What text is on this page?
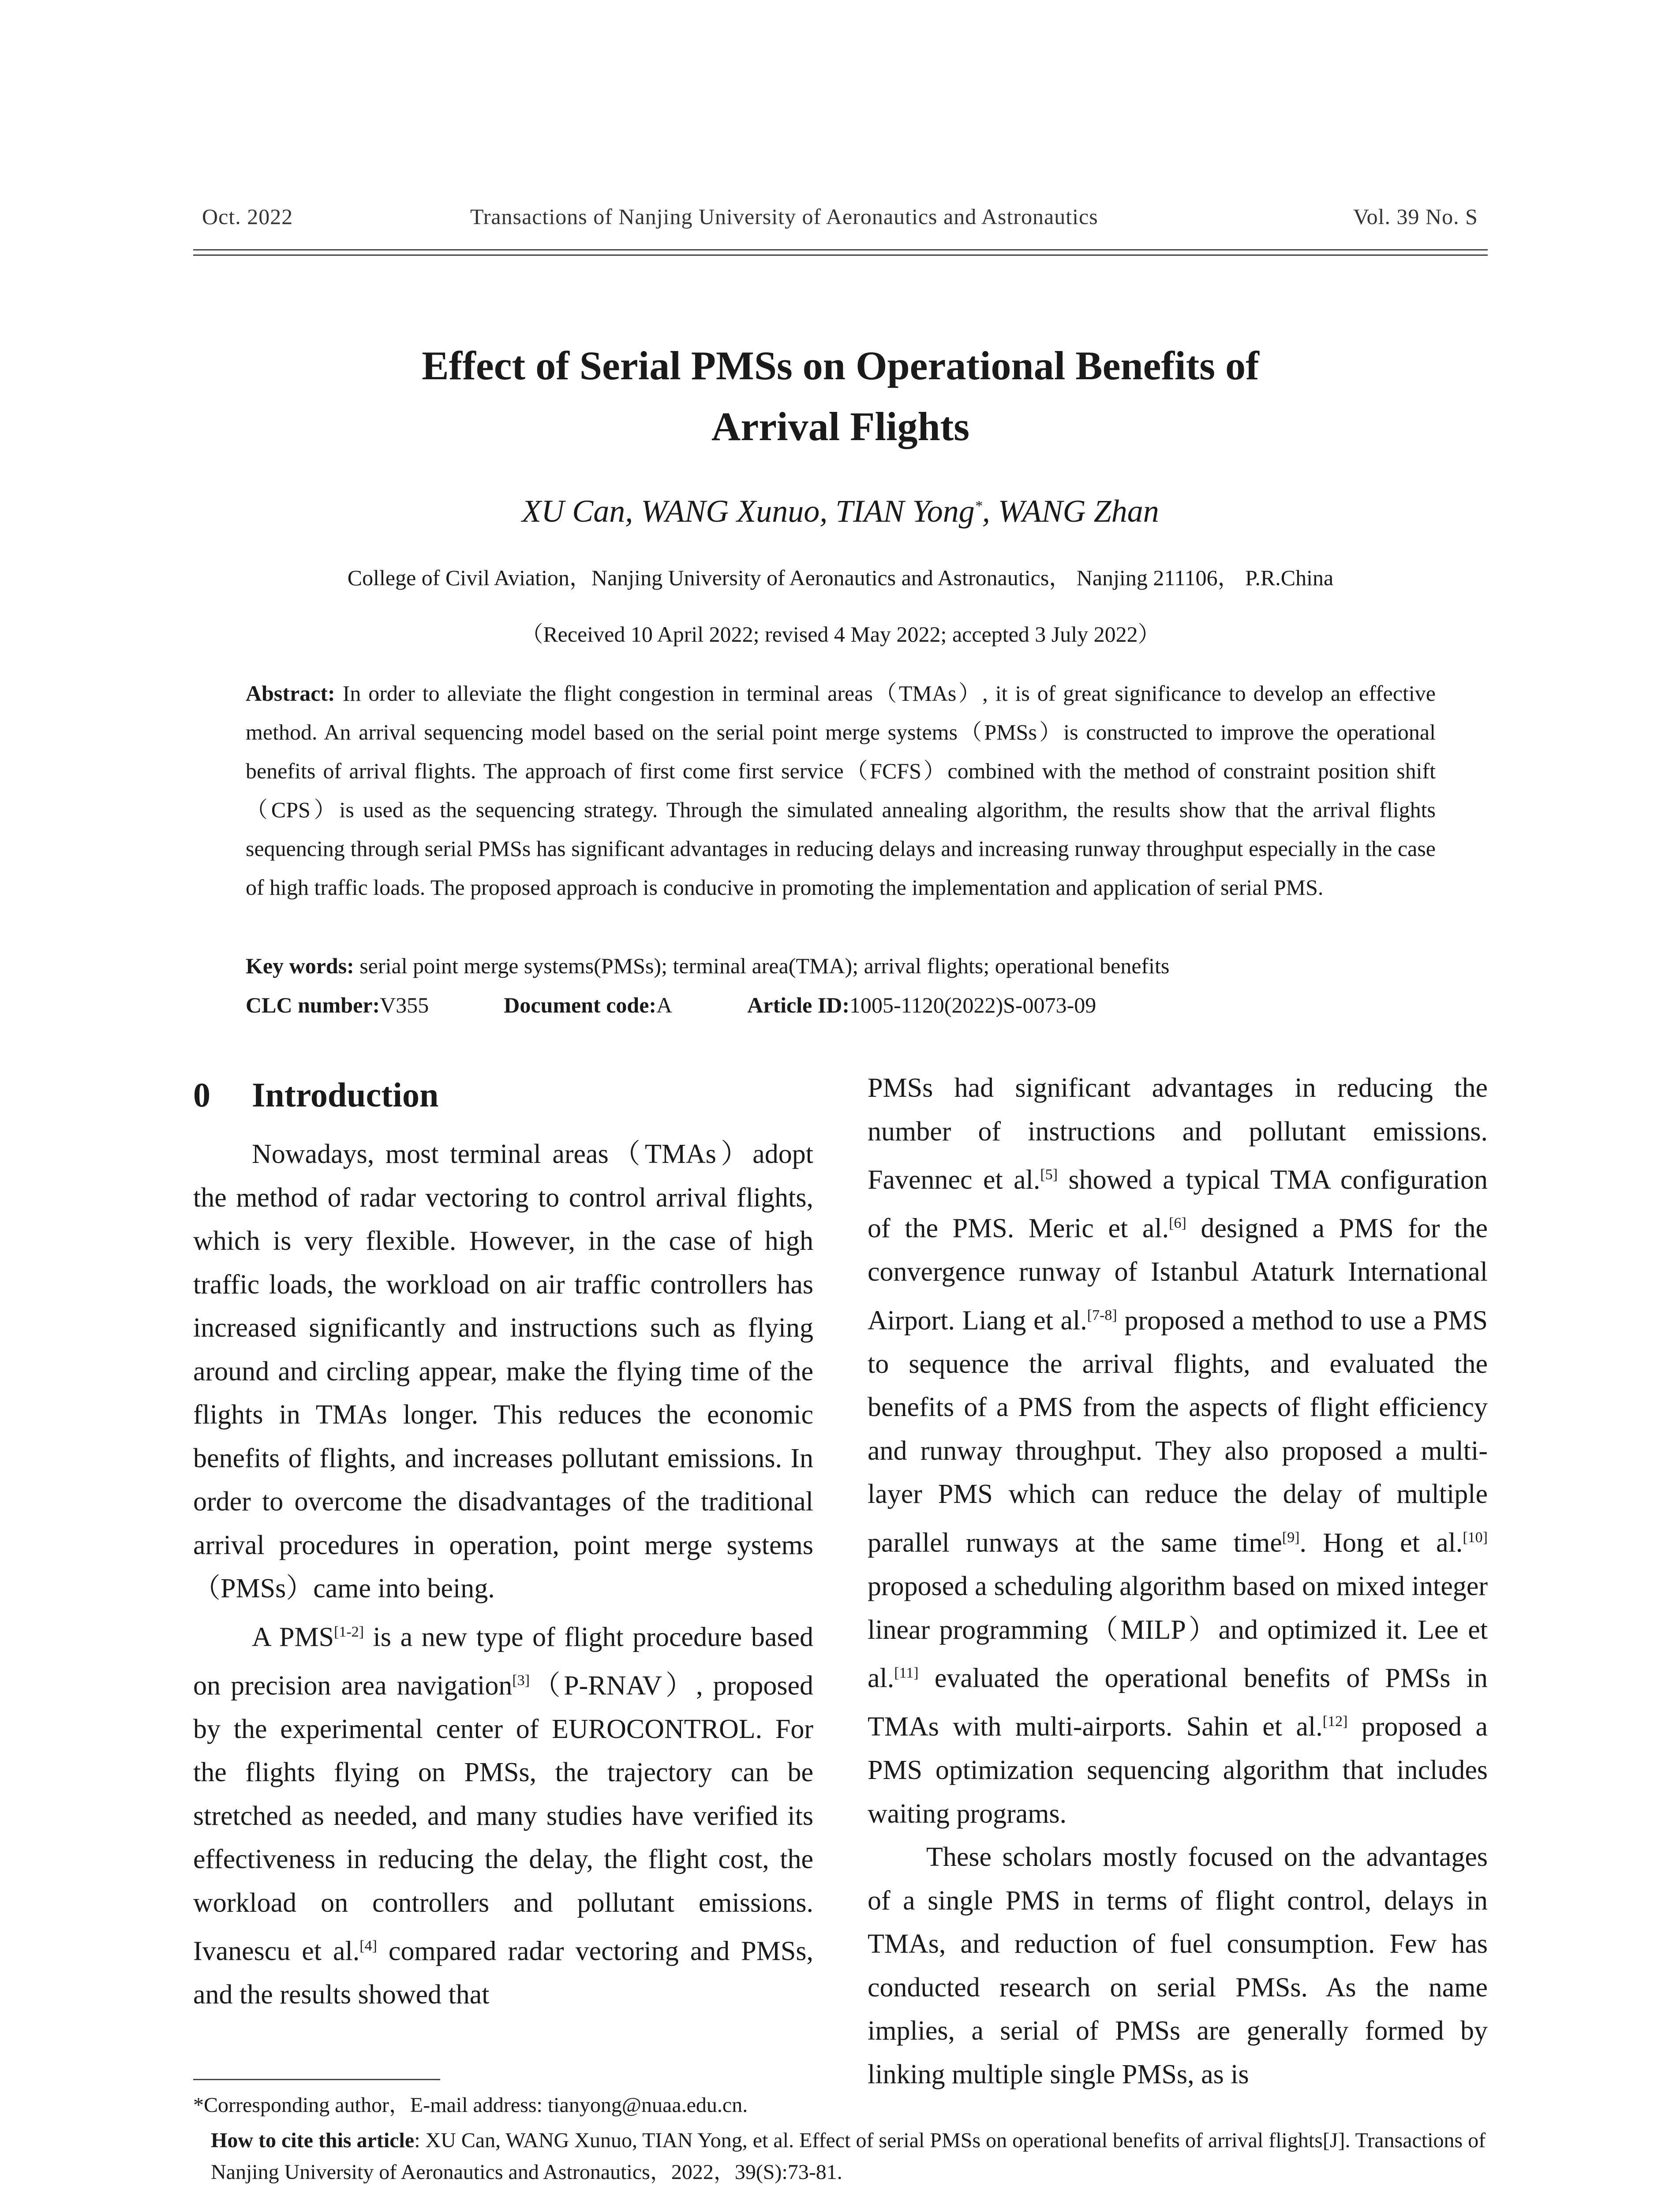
Oct. 2022	Transactions of Nanjing University of Aeronautics and Astronautics	Vol. 39 No. S
Effect of Serial PMSs on Operational Benefits of
Arrival Flights
XU Can, WANG Xunuo, TIAN Yong*, WANG Zhan
College of Civil Aviation，Nanjing University of Aeronautics and Astronautics， Nanjing 211106， P.R.China
（Received 10 April 2022; revised 4 May 2022; accepted 3 July 2022）
Abstract: In order to alleviate the flight congestion in terminal areas（TMAs）, it is of great significance to develop an effective method. An arrival sequencing model based on the serial point merge systems（PMSs）is constructed to improve the operational benefits of arrival flights. The approach of first come first service（FCFS）combined with the method of constraint position shift（CPS）is used as the sequencing strategy. Through the simulated annealing algorithm, the results show that the arrival flights sequencing through serial PMSs has significant advantages in reducing delays and increasing runway throughput especially in the case of high traffic loads. The proposed approach is conducive in promoting the implementation and application of serial PMS.
Key words: serial point merge systems(PMSs); terminal area(TMA); arrival flights; operational benefits
CLC number:V355	Document code:A	Article ID:1005-1120(2022)S-0073-09
0 Introduction

Nowadays, most terminal areas（TMAs）adopt the method of radar vectoring to control arrival flights, which is very flexible. However, in the case of high traffic loads, the workload on air traffic controllers has increased significantly and instructions such as flying around and circling appear, make the flying time of the flights in TMAs longer. This reduces the economic benefits of flights, and increases pollutant emissions. In order to overcome the disadvantages of the traditional arrival procedures in operation, point merge systems（PMSs）came into being.

A PMS[1-2] is a new type of flight procedure based on precision area navigation[3]（P-RNAV）, proposed by the experimental center of EUROCONTROL. For the flights flying on PMSs, the trajectory can be stretched as needed, and many studies have verified its effectiveness in reducing the delay, the flight cost, the workload on controllers and pollutant emissions. Ivanescu et al.[4] compared radar vectoring and PMSs, and the results showed that

PMSs had significant advantages in reducing the number of instructions and pollutant emissions. Favennec et al.[5] showed a typical TMA configuration of the PMS. Meric et al.[6] designed a PMS for the convergence runway of Istanbul Ataturk International Airport. Liang et al.[7-8] proposed a method to use a PMS to sequence the arrival flights, and evaluated the benefits of a PMS from the aspects of flight efficiency and runway throughput. They also proposed a multi-layer PMS which can reduce the delay of multiple parallel runways at the same time[9]. Hong et al.[10] proposed a scheduling algorithm based on mixed integer linear programming（MILP）and optimized it. Lee et al.[11] evaluated the operational benefits of PMSs in TMAs with multi-airports. Sahin et al.[12] proposed a PMS optimization sequencing algorithm that includes waiting programs.

These scholars mostly focused on the advantages of a single PMS in terms of flight control, delays in TMAs, and reduction of fuel consumption. Few has conducted research on serial PMSs. As the name implies, a serial of PMSs are generally formed by linking multiple single PMSs, as is

*Corresponding author，E-mail address: tianyong@nuaa.edu.cn.
How to cite this article: XU Can, WANG Xunuo, TIAN Yong, et al. Effect of serial PMSs on operational benefits of arrival flights[J]. Transactions of Nanjing University of Aeronautics and Astronautics，2022，39(S):73-81.
